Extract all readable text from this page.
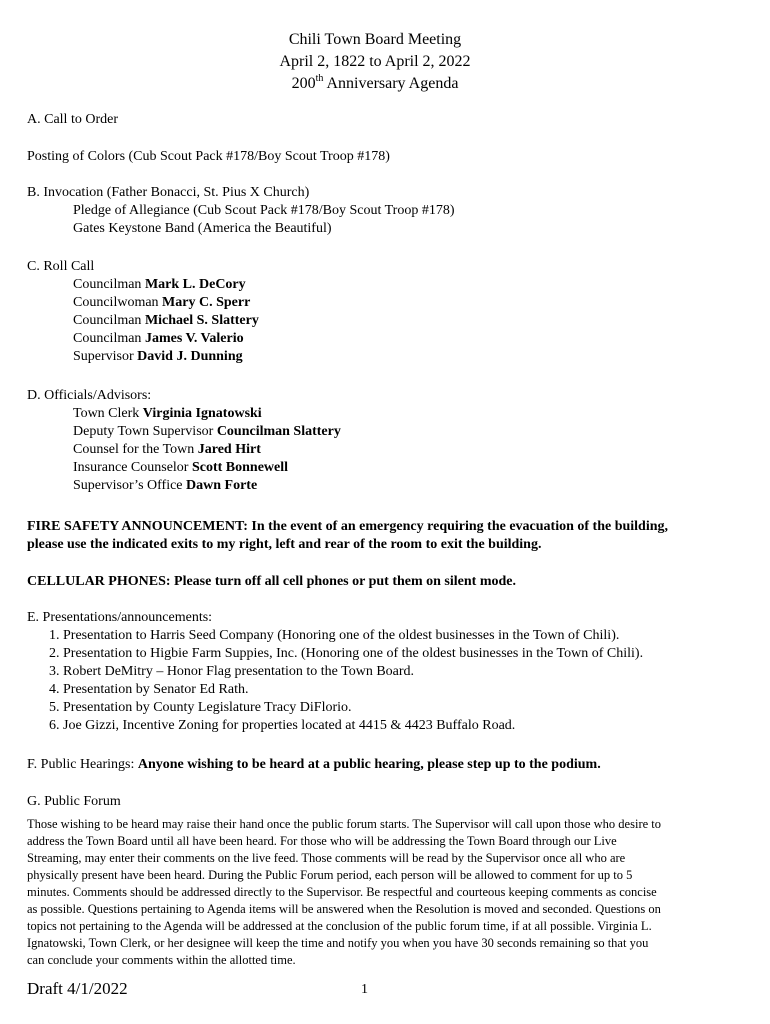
Chili Town Board Meeting
April 2, 1822 to April 2, 2022
200th Anniversary Agenda
A. Call to Order
Posting of Colors (Cub Scout Pack #178/Boy Scout Troop #178)
B. Invocation (Father Bonacci, St. Pius X Church)
Pledge of Allegiance (Cub Scout Pack #178/Boy Scout Troop #178)
Gates Keystone Band (America the Beautiful)
C. Roll Call
Councilman Mark L. DeCory
Councilwoman Mary C. Sperr
Councilman Michael S. Slattery
Councilman James V. Valerio
Supervisor David J. Dunning
D. Officials/Advisors:
Town Clerk Virginia Ignatowski
Deputy Town Supervisor Councilman Slattery
Counsel for the Town Jared Hirt
Insurance Counselor Scott Bonnewell
Supervisor’s Office Dawn Forte
FIRE SAFETY ANNOUNCEMENT: In the event of an emergency requiring the evacuation of the building,
please use the indicated exits to my right, left and rear of the room to exit the building.
CELLULAR PHONES: Please turn off all cell phones or put them on silent mode.
E. Presentations/announcements:
1. Presentation to Harris Seed Company (Honoring one of the oldest businesses in the Town of Chili).
2. Presentation to Higbie Farm Suppies, Inc. (Honoring one of the oldest businesses in the Town of Chili).
3. Robert DeMitry – Honor Flag presentation to the Town Board.
4. Presentation by Senator Ed Rath.
5. Presentation by County Legislature Tracy DiFlorio.
6. Joe Gizzi, Incentive Zoning for properties located at 4415 & 4423 Buffalo Road.
F. Public Hearings: Anyone wishing to be heard at a public hearing, please step up to the podium.
G. Public Forum
Those wishing to be heard may raise their hand once the public forum starts. The Supervisor will call upon those who desire to
address the Town Board until all have been heard. For those who will be addressing the Town Board through our Live
Streaming, may enter their comments on the live feed. Those comments will be read by the Supervisor once all who are
physically present have been heard. During the Public Forum period, each person will be allowed to comment for up to 5
minutes. Comments should be addressed directly to the Supervisor. Be respectful and courteous keeping comments as concise
as possible. Questions pertaining to Agenda items will be answered when the Resolution is moved and seconded. Questions on
topics not pertaining to the Agenda will be addressed at the conclusion of the public forum time, if at all possible. Virginia L.
Ignatowski, Town Clerk, or her designee will keep the time and notify you when you have 30 seconds remaining so that you
can conclude your comments within the allotted time.
Draft 4/1/2022	1
